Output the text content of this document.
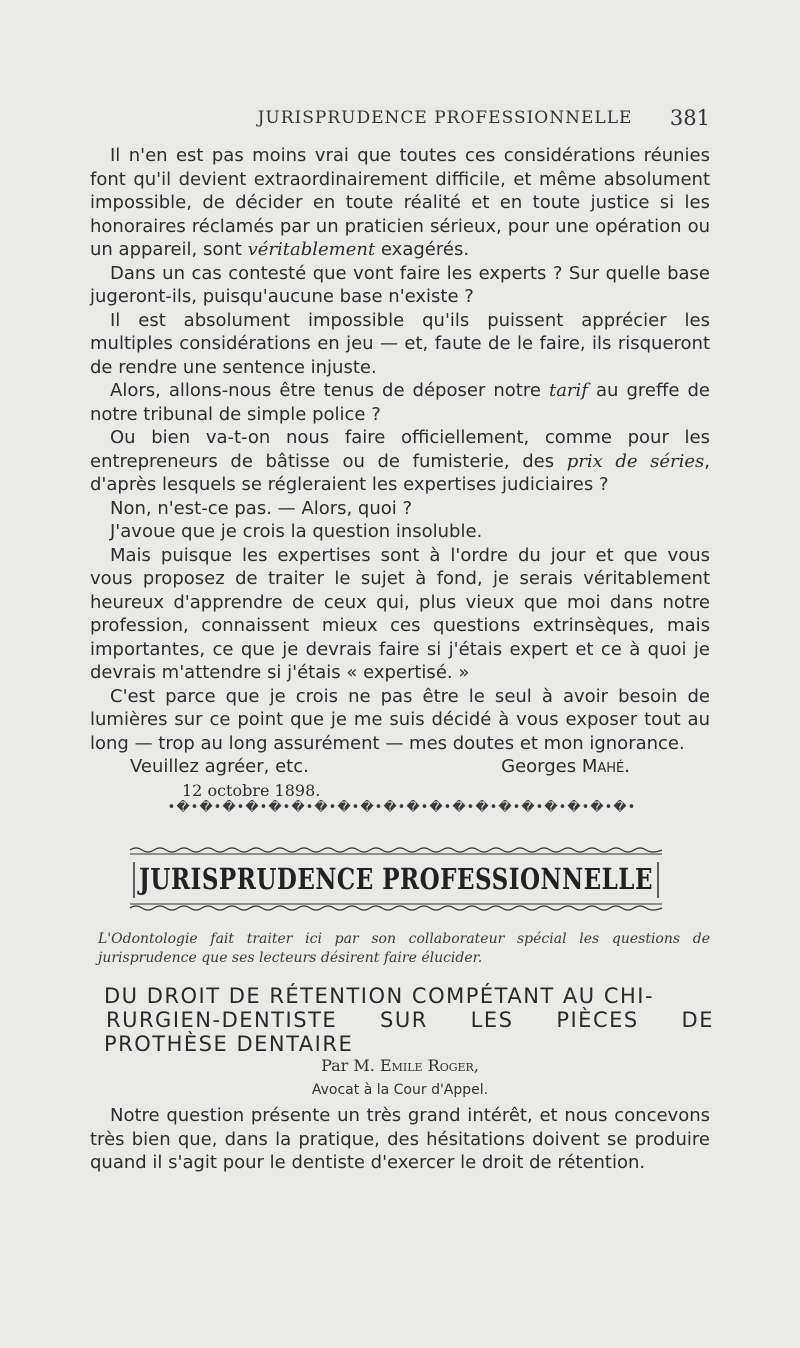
JURISPRUDENCE PROFESSIONNELLE	381

Il n'en est pas moins vrai que toutes ces considérations réunies font qu'il devient extraordinairement difficile, et même absolument impossible, de décider en toute réalité et en toute justice si les honoraires réclamés par un praticien sérieux, pour une opération ou un appareil, sont véritablement exagérés.

Dans un cas contesté que vont faire les experts ? Sur quelle base jugeront-ils, puisqu'aucune base n'existe ?

Il est absolument impossible qu'ils puissent apprécier les multiples considérations en jeu — et, faute de le faire, ils risqueront de rendre une sentence injuste.

Alors, allons-nous être tenus de déposer notre tarif au greffe de notre tribunal de simple police ?

Ou bien va-t-on nous faire officiellement, comme pour les entrepreneurs de bâtisse ou de fumisterie, des prix de séries, d'après lesquels se régleraient les expertises judiciaires ?

Non, n'est-ce pas. — Alors, quoi ?

J'avoue que je crois la question insoluble.

Mais puisque les expertises sont à l'ordre du jour et que vous vous proposez de traiter le sujet à fond, je serais véritablement heureux d'apprendre de ceux qui, plus vieux que moi dans notre profession, connaissent mieux ces questions extrinsèques, mais importantes, ce que je devrais faire si j'étais expert et ce à quoi je devrais m'attendre si j'étais « expertisé. »

C'est parce que je crois ne pas être le seul à avoir besoin de lumières sur ce point que je me suis décidé à vous exposer tout au long — trop au long assurément — mes doutes et mon ignorance.

Veuillez agréer, etc.	Georges Mahé.

12 octobre 1898.

•�•�•�•�•�•�•�•�•�•�•�•�•�•�•�•�•�•�•�•�•
JURISPRUDENCE PROFESSIONNELLE
L'Odontologie fait traiter ici par son collaborateur spécial les questions de jurisprudence que ses lecteurs désirent faire élucider.
DU DROIT DE RÉTENTION COMPÉTANT AU CHI-
RURGIEN-DENTISTE SUR LES PIÈCES DE
PROTHÈSE DENTAIRE
Par M. Emile Roger,
Avocat à la Cour d'Appel.

Notre question présente un très grand intérêt, et nous concevons très bien que, dans la pratique, des hésitations doivent se produire quand il s'agit pour le dentiste d'exercer le droit de rétention.
